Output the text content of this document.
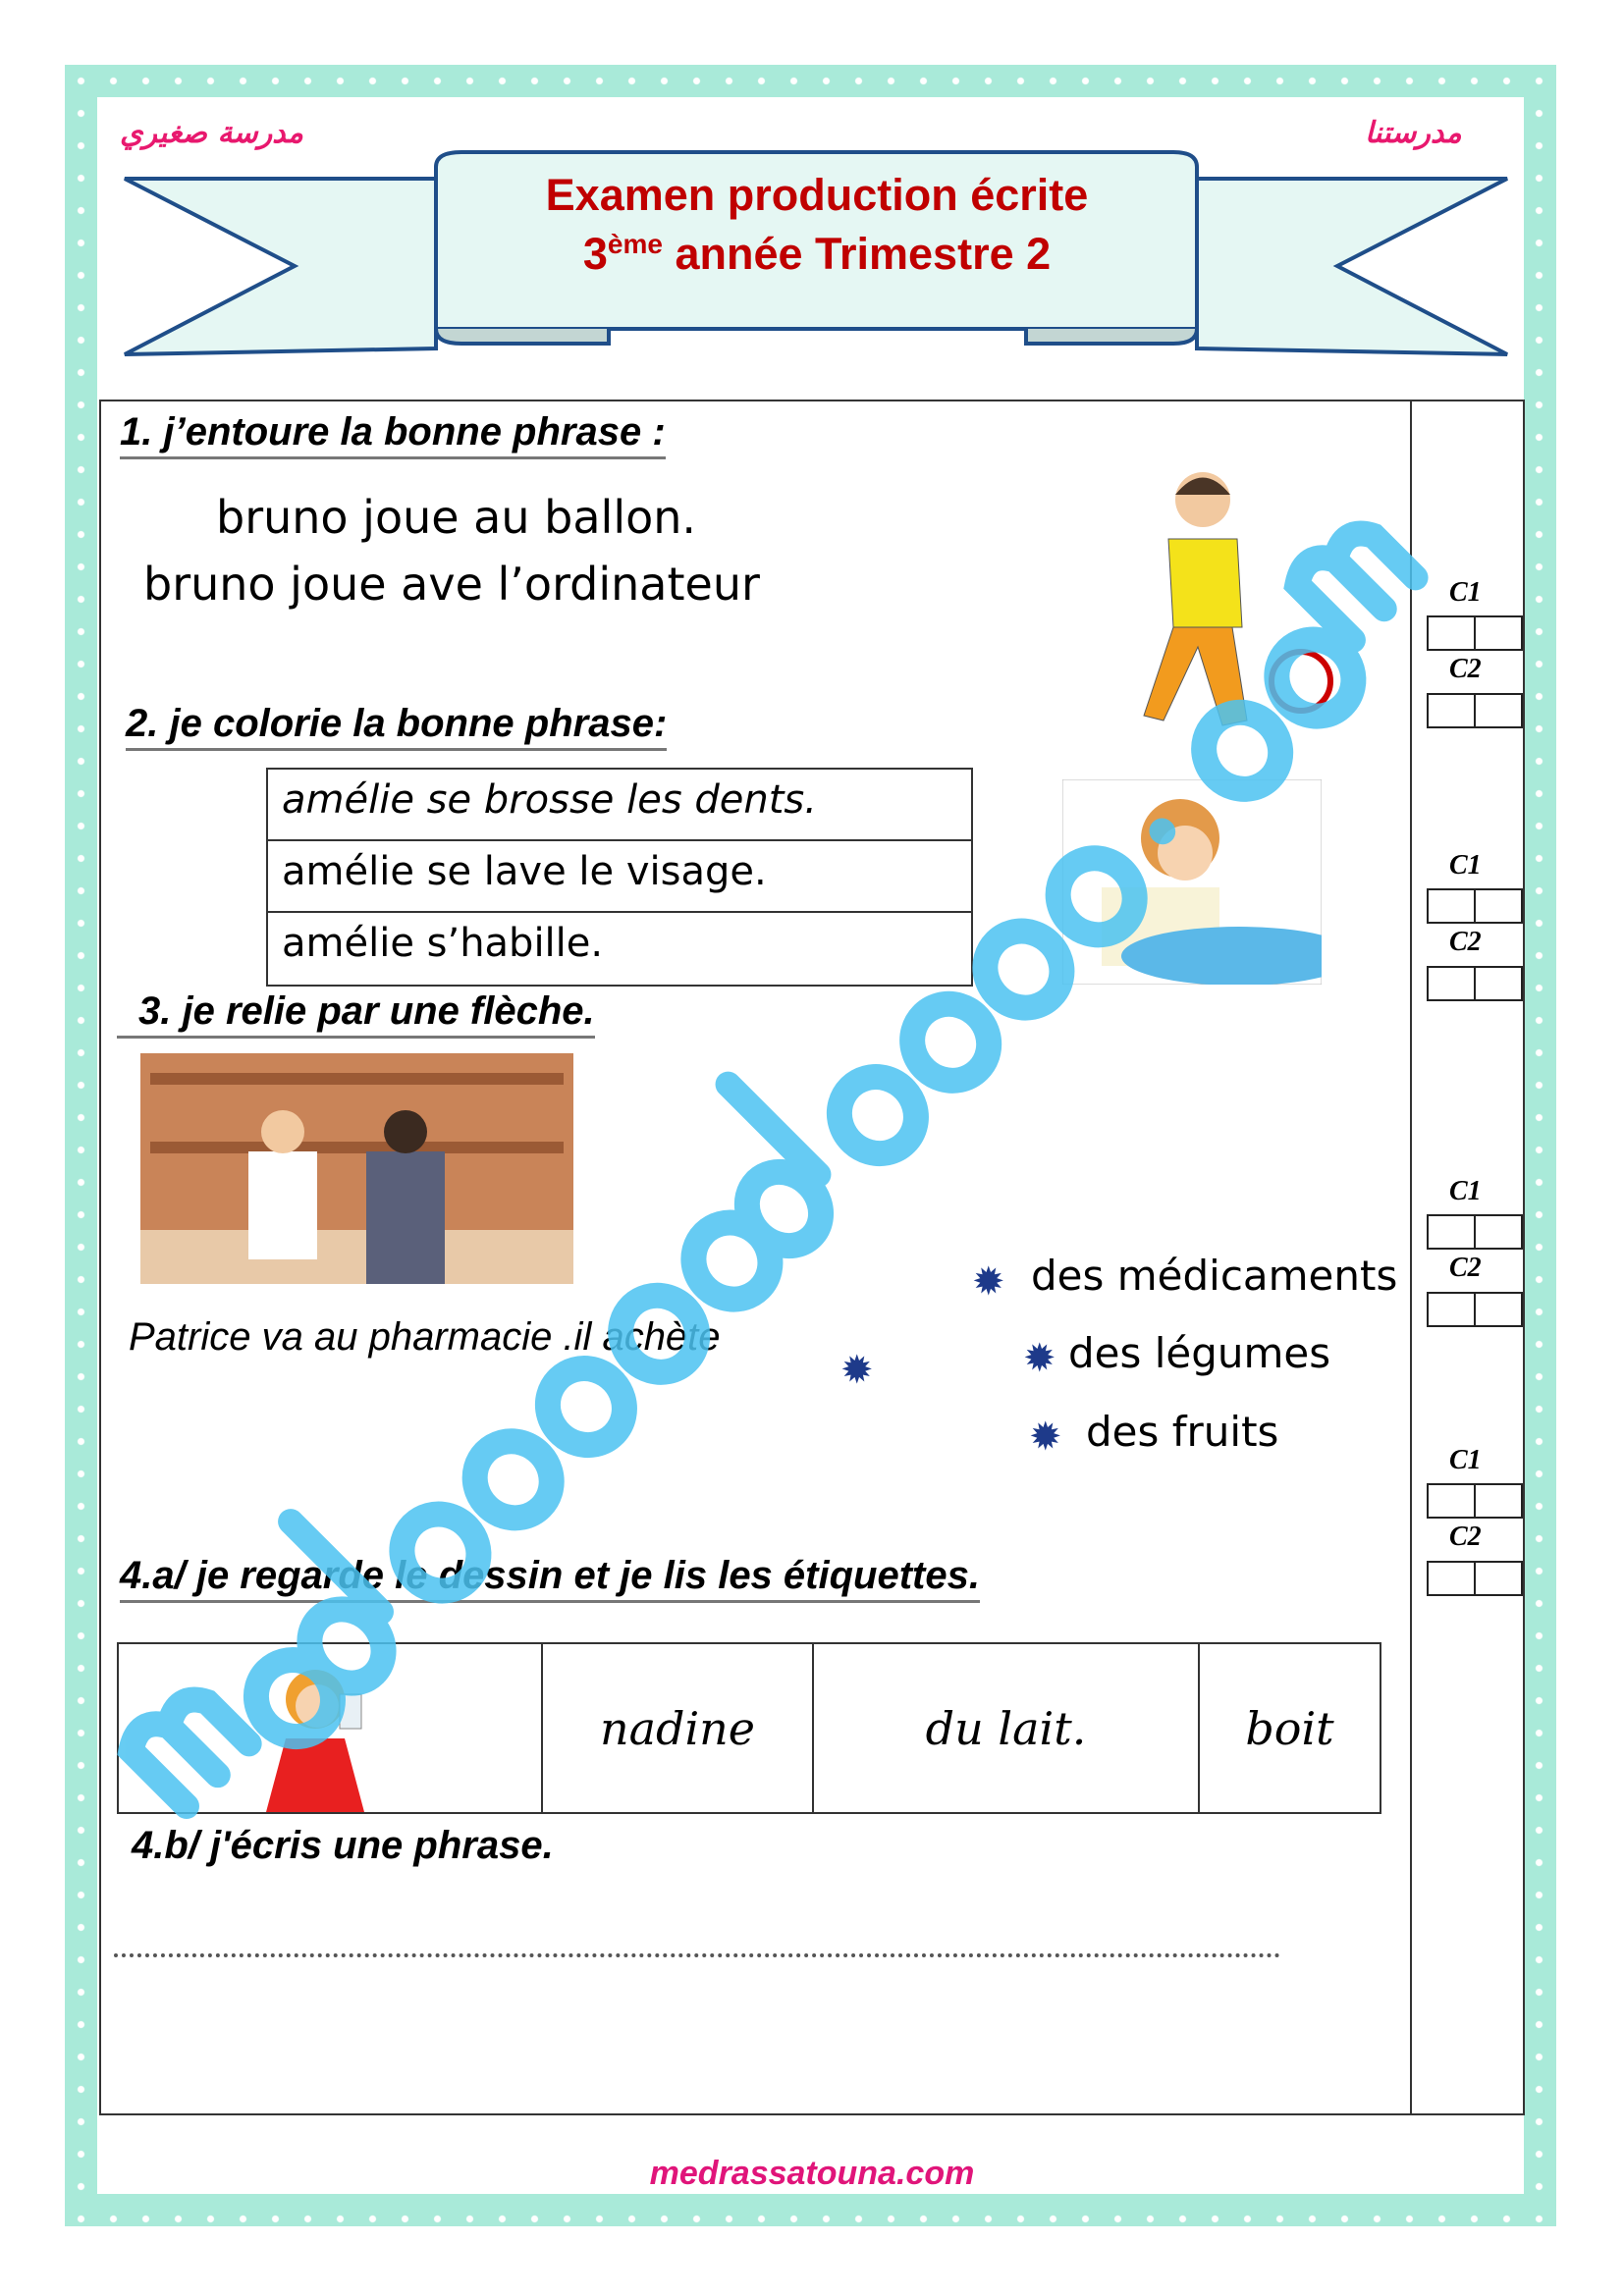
مدرسة صغيري	مدرستنا
Examen production écrite
3ème année Trimestre 2
1. j’entoure la bonne phrase :
bruno joue au ballon.
bruno joue ave l’ordinateur
2. je colorie la bonne phrase:
amélie se brosse les dents.
amélie se lave le visage.
amélie s’habille.
3. je relie par une flèche.
Patrice va au pharmacie .il achète
✹
✹ des médicaments
✹ des légumes
✹ des fruits
C1
C2
C1
C2
C1
C2
C1
C2
4.a/ je regarde le dessin et je lis les étiquettes.
nadine	du lait.	boit
4.b/ j'écris une phrase.
medrassatouna.com
